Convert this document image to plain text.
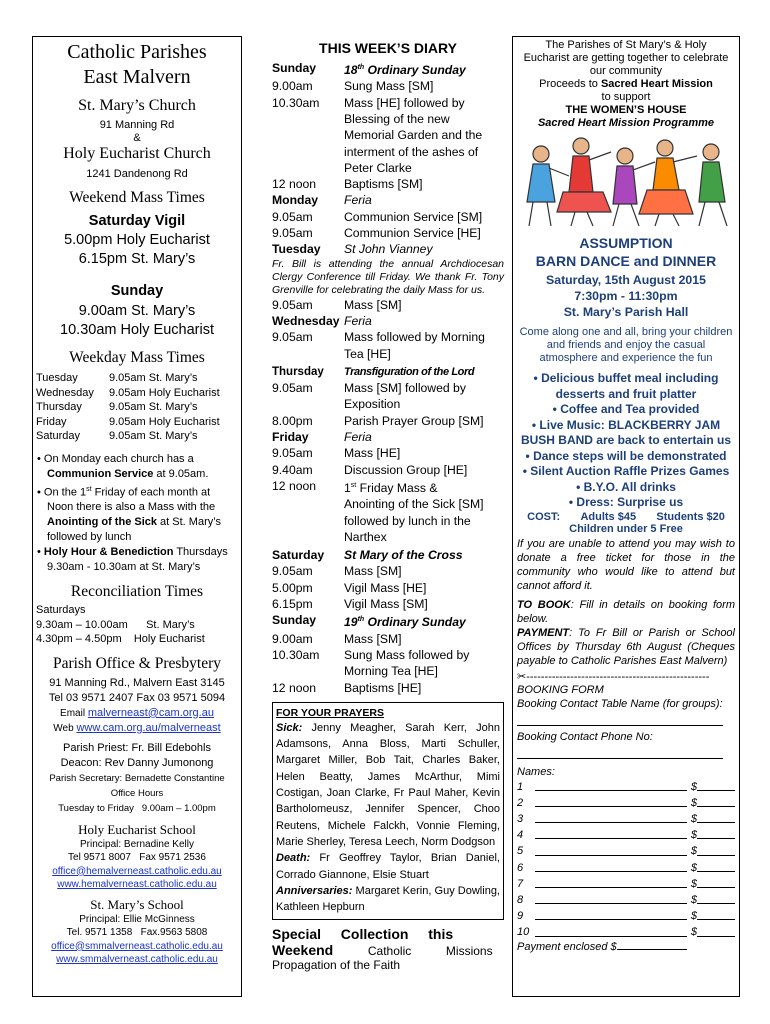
Catholic Parishes
East Malvern
St. Mary’s Church
91 Manning Rd
&
Holy Eucharist Church
1241 Dandenong Rd
Weekend Mass Times
Saturday Vigil
5.00pm Holy Eucharist
6.15pm St. Mary’s
Sunday
9.00am St. Mary’s
10.30am Holy Eucharist
Weekday Mass Times
Tuesday	9.05am St. Mary’s
Wednesday	9.05am Holy Eucharist
Thursday	9.05am St. Mary’s
Friday	9.05am Holy Eucharist
Saturday	9.05am St. Mary’s
• On Monday each church has a Communion Service at 9.05am.
• On the 1st Friday of each month at Noon there is also a Mass with the Anointing of the Sick at St. Mary’s followed by lunch
• Holy Hour & Benediction Thursdays 9.30am - 10.30am at St. Mary’s
Reconciliation Times
Saturdays
9.30am – 10.00am      St. Mary’s
4.30pm – 4.50pm    Holy Eucharist
Parish Office & Presbytery
91 Manning Rd., Malvern East 3145
Tel 03 9571 2407 Fax 03 9571 5094
Email malverneast@cam.org.au
Web www.cam.org.au/malverneast
Parish Priest: Fr. Bill Edebohls
Deacon: Rev Danny Jumonong
Parish Secretary: Bernadette Constantine
Office Hours
Tuesday to Friday   9.00am – 1.00pm
Holy Eucharist School
Principal: Bernadine Kelly
Tel 9571 8007   Fax 9571 2536
office@hemalverneast.catholic.edu.au
www.hemalverneast.catholic.edu.au
St. Mary’s School
Principal: Ellie McGinness
Tel. 9571 1358   Fax.9563 5808
office@smmalverneast.catholic.edu.au
www.smmalverneast.catholic.edu.au
THIS WEEK’S DIARY
Sunday	18th Ordinary Sunday
9.00am	Sung Mass [SM]
10.30am	Mass [HE] followed by Blessing of the new Memorial Garden and the interment of the ashes of Peter Clarke
12 noon	Baptisms [SM]
Monday	Feria
9.05am	Communion Service [SM]
9.05am	Communion Service [HE]
Tuesday	St John Vianney
Fr. Bill is attending the annual Archdiocesan Clergy Conference till Friday. We thank Fr. Tony Grenville for celebrating the daily Mass for us.
9.05am	Mass [SM]
Wednesday Feria
9.05am	Mass followed by Morning Tea [HE]
Thursday	Transfiguration of the Lord
9.05am	Mass [SM] followed by Exposition
8.00pm	Parish Prayer Group [SM]
Friday	Feria
9.05am	Mass [HE]
9.40am	Discussion Group [HE]
12 noon	1st Friday Mass & Anointing of the Sick [SM] followed by lunch in the Narthex
Saturday	St Mary of the Cross
9.05am	Mass [SM]
5.00pm	Vigil Mass [HE]
6.15pm	Vigil Mass [SM]
Sunday	19th Ordinary Sunday
9.00am	Mass [SM]
10.30am	Sung Mass followed by Morning Tea [HE]
12 noon	Baptisms [HE]
FOR YOUR PRAYERS
Sick: Jenny Meagher, Sarah Kerr, John Adamsons, Anna Bloss, Marti Schuller, Margaret Miller, Bob Tait, Charles Baker, Helen Beatty, James McArthur, Mimi Costigan, Joan Clarke, Fr Paul Maher, Kevin Bartholomeusz, Jennifer Spencer, Choo Reutens, Michele Falckh, Vonnie Fleming, Marie Sherley, Teresa Leech, Norm Dodgson
Death: Fr Geoffrey Taylor, Brian Daniel, Corrado Giannone, Elsie Stuart
Anniversaries: Margaret Kerin, Guy Dowling, Kathleen Hepburn
Special  Collection  this
Weekend  Catholic  Missions
Propagation of the Faith
The Parishes of St Mary’s & Holy Eucharist are getting together to celebrate our community
Proceeds to Sacred Heart Mission
to support
THE WOMEN’S HOUSE
Sacred Heart Mission Programme
ASSUMPTION
BARN DANCE and DINNER
Saturday, 15th August 2015
7:30pm - 11:30pm
St. Mary’s Parish Hall
Come along one and all, bring your children and friends and enjoy the casual atmosphere and experience the fun
• Delicious buffet meal including desserts and fruit platter
• Coffee and Tea provided
• Live Music: BLACKBERRY JAM BUSH BAND are back to entertain us
• Dance steps will be demonstrated
• Silent Auction Raffle Prizes Games
• B.Y.O. All drinks
• Dress: Surprise us
COST: Adults $45 Students $20
Children under 5 Free
If you are unable to attend you may wish to donate a free ticket for those in the community who would like to attend but cannot afford it.
TO BOOK: Fill in details on booking form below.
PAYMENT: To Fr Bill or Parish or School Offices by Thursday 6th August (Cheques payable to Catholic Parishes East Malvern)
✂--------------------------------------------------
BOOKING FORM
Booking Contact Table Name (for groups):
Booking Contact Phone No:
Names:
1	$
2	$
3	$
4	$
5	$
6	$
7	$
8	$
9	$
10	$
Payment enclosed $
